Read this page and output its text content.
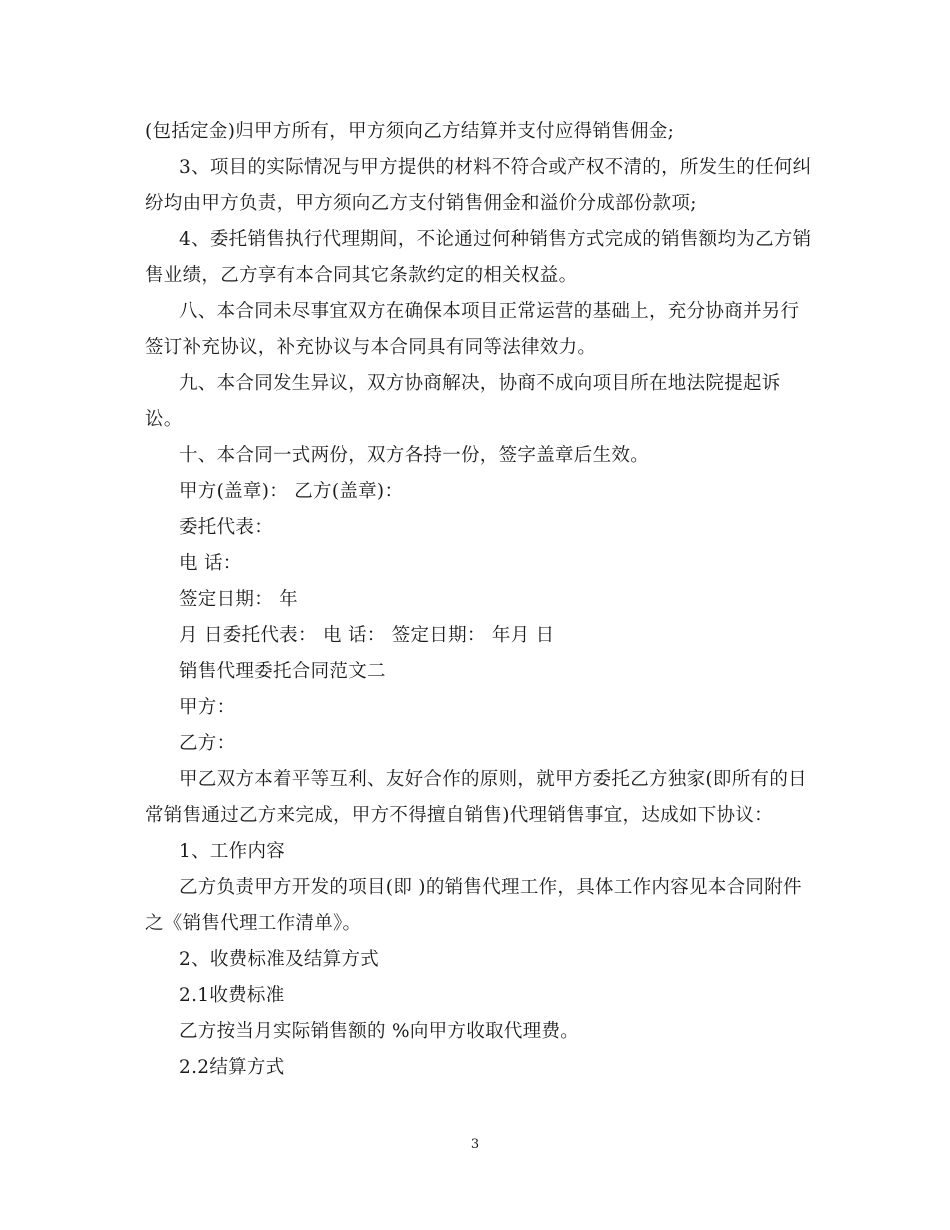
(包括定金)归甲方所有，甲方须向乙方结算并支付应得销售佣金;
3、项目的实际情况与甲方提供的材料不符合或产权不清的，所发生的任何纠
纷均由甲方负责，甲方须向乙方支付销售佣金和溢价分成部份款项;
4、委托销售执行代理期间，不论通过何种销售方式完成的销售额均为乙方销
售业绩，乙方享有本合同其它条款约定的相关权益。
八、本合同未尽事宜双方在确保本项目正常运营的基础上，充分协商并另行
签订补充协议，补充协议与本合同具有同等法律效力。
九、本合同发生异议，双方协商解决，协商不成向项目所在地法院提起诉
讼。
十、本合同一式两份，双方各持一份，签字盖章后生效。
甲方(盖章)： 乙方(盖章)：
委托代表：
电 话：
签定日期： 年
月 日委托代表： 电 话： 签定日期： 年月 日
销售代理委托合同范文二
甲方：
乙方：
甲乙双方本着平等互利、友好合作的原则，就甲方委托乙方独家(即所有的日
常销售通过乙方来完成，甲方不得擅自销售)代理销售事宜，达成如下协议：
1、工作内容
乙方负责甲方开发的项目(即 )的销售代理工作，具体工作内容见本合同附件
之《销售代理工作清单》。
2、收费标准及结算方式
2.1收费标准
乙方按当月实际销售额的 %向甲方收取代理费。
2.2结算方式
3
